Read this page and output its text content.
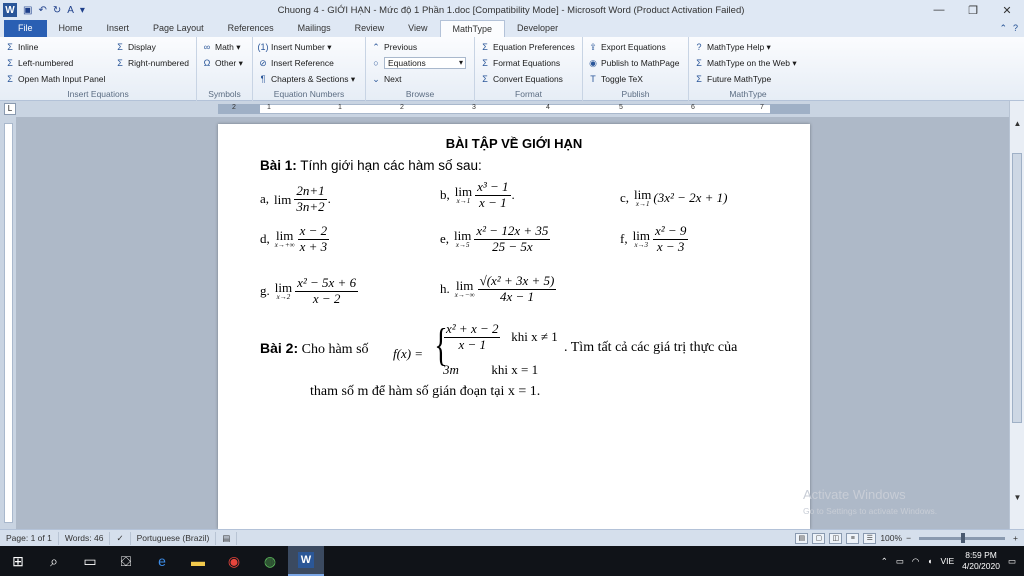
W ▣ ↶ ↻ A ▾	Chuong 4 - GIỚI HẠN - Mức độ 1 Phần 1.doc [Compatibility Mode] - Microsoft Word (Product Activation Failed)	—	❐	✕
File	Home	Insert	Page Layout	References	Mailings	Review	View	MathType	Developer	⌃ ?
Σ Inline
Σ Left-numbered
Σ Open Math Input Panel
Σ Display
Σ Right-numbered
Insert Equations
∞ Math ▾
Ω Other ▾
Symbols
(1) Insert Number ▾
⊘ Insert Reference
¶ Chapters & Sections ▾
Equation Numbers
⌃ Previous
○	Equations ▾
⌄ Next
Browse
Σ Equation Preferences
Σ Format Equations
Σ Convert Equations
Format
⇪ Export Equations
◉ Publish to MathPage
T Toggle TeX
Publish
? MathType Help ▾
Σ MathType on the Web ▾
Σ Future MathType
MathType
L	2	1	1	2	3	4	5	6	7
▲
▼
BÀI TẬP VỀ GIỚI HẠN
Bài 1: Tính giới hạn các hàm số sau:
a, $\lim \frac{2n+1}{3n+2}$ .	b, lim
$x\to 1 \frac{\text{x³ − 1}}{x - 1}$ .	c, lim
x→1 (3x² − 2x + 1)
d, lim
$x\to+\infty \frac{x - 2}{x + 3}$	e, lim
$x\to 5 \frac{\text{x² − 12x + 35}}{25 - 5x}$	f, lim
$x\to 3 \frac{\text{x² − 9}}{x - 3}$
g. lim
$x\to 2 \frac{\text{x² − 5x + 6}}{x - 2}$	h. lim
$x\to-\infty \frac{\text{√(x² + 3x + 5)}}{4x - 1}$
Bài 2: Cho hàm số f(x) = {
$\frac{\text{x² + x − 2}}{x - 1}$
khi x ≠ 1
3m	khi x = 1
. Tìm tất cả các giá trị thực của
tham số m để hàm số gián đoạn tại x = 1.
Activate Windows
Go to Settings to activate Windows.
Page: 1 of 1	Words: 46	✓	Portuguese (Brazil)	▤	▤	▢	◫	≡	☰ 100% −	+
⊞	⌕	▭	⛋	e	▬	◉	◍	W	⌃ ▭ ◠ ◖ VIE
8:59 PM
4/20/2020
▭
